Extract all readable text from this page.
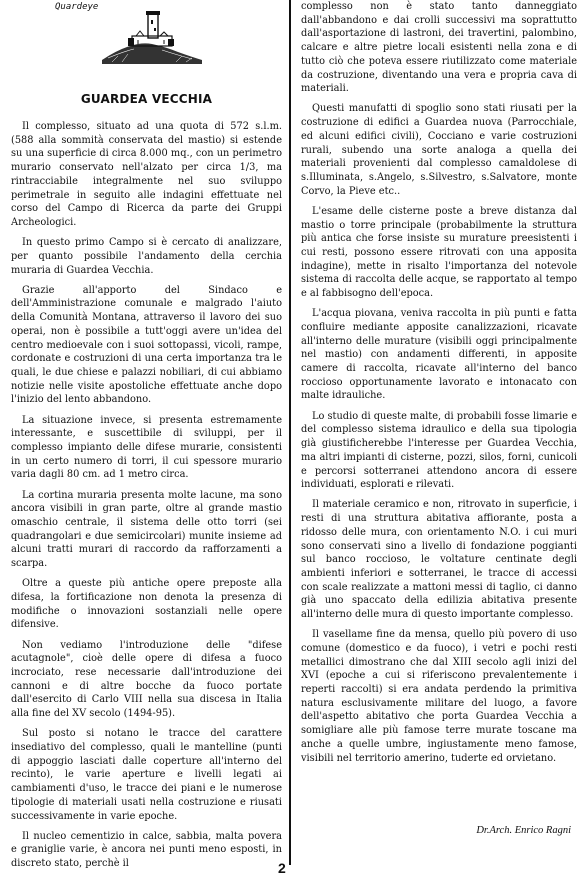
Quardeye
GUARDEA VECCHIA

Il complesso, situato ad una quota di 572 s.l.m. (588 alla sommità conservata del mastio) si estende su una superficie di circa 8.000 mq., con un perimetro murario conservato nell'alzato per circa 1/3, ma rintracciabile integralmente nel suo sviluppo perimetrale in seguito alle indagini effettuate nel corso del Campo di Ricerca da parte dei Gruppi Archeologici.

In questo primo Campo si è cercato di analizzare, per quanto possibile l'andamento della cerchia muraria di Guardea Vecchia.

Grazie all'apporto del Sindaco e dell'Amministrazione comunale e malgrado l'aiuto della Comunità Montana, attraverso il lavoro dei suo operai, non è possibile a tutt'oggi avere un'idea del centro medioevale con i suoi sottopassi, vicoli, rampe, cordonate e costruzioni di una certa importanza tra le quali, le due chiese e palazzi nobiliari, di cui abbiamo notizie nelle visite apostoliche effettuate anche dopo l'inizio del lento abbandono.

La situazione invece, si presenta estremamente interessante, e suscettibile di sviluppi, per il complesso impianto delle difese murarie, consistenti in un certo numero di torri, il cui spessore murario varia dagli 80 cm. ad 1 metro circa.

La cortina muraria presenta molte lacune, ma sono ancora visibili in gran parte, oltre al grande mastio omaschio centrale, il sistema delle otto torri (sei quadrangolari e due semicircolari) munite insieme ad alcuni tratti murari di raccordo da rafforzamenti a scarpa.

Oltre a queste più antiche opere preposte alla difesa, la fortificazione non denota la presenza di modifiche o innovazioni sostanziali nelle opere difensive.

Non vediamo l'introduzione delle "difese acutagnole", cioè delle opere di difesa a fuoco incrociato, rese necessarie dall'introduzione dei cannoni e di altre bocche da fuoco portate dall'esercito di Carlo VIII nella sua discesa in Italia alla fine del XV secolo (1494-95).

Sul posto si notano le tracce del carattere insediativo del complesso, quali le mantelline (punti di appoggio lasciati dalle coperture all'interno del recinto), le varie aperture e livelli legati ai cambiamenti d'uso, le tracce dei piani e le numerose tipologie di materiali usati nella costruzione e riusati successivamente in varie epoche.

Il nucleo cementizio in calce, sabbia, malta povera e graniglie varie, è ancora nei punti meno esposti, in discreto stato, perchè il

complesso non è stato tanto danneggiato dall'abbandono e dai crolli successivi ma soprattutto dall'asportazione di lastroni, dei travertini, palombino, calcare e altre pietre locali esistenti nella zona e di tutto ciò che poteva essere riutilizzato come materiale da costruzione, diventando una vera e propria cava di materiali.

Questi manufatti di spoglio sono stati riusati per la costruzione di edifici a Guardea nuova (Parrocchiale, ed alcuni edifici civili), Cocciano e varie costruzioni rurali, subendo una sorte analoga a quella dei materiali provenienti dal complesso camaldolese di s.Illuminata, s.Angelo, s.Silvestro, s.Salvatore, monte Corvo, la Pieve etc..

L'esame delle cisterne poste a breve distanza dal mastio o torre principale (probabilmente la struttura più antica che forse insiste su murature preesistenti i cui resti, possono essere ritrovati con una apposita indagine), mette in risalto l'importanza del notevole sistema di raccolta delle acque, se rapportato al tempo e al fabbisogno dell'epoca.

L'acqua piovana, veniva raccolta in più punti e fatta confluire mediante apposite canalizzazioni, ricavate all'interno delle murature (visibili oggi principalmente nel mastio) con andamenti differenti, in apposite camere di raccolta, ricavate all'interno del banco roccioso opportunamente lavorato e intonacato con malte idrauliche.

Lo studio di queste malte, di probabili fosse limarie e del complesso sistema idraulico e della sua tipologia già giustificherebbe l'interesse per Guardea Vecchia, ma altri impianti di cisterne, pozzi, silos, forni, cunicoli e percorsi sotterranei attendono ancora di essere individuati, esplorati e rilevati.

Il materiale ceramico e non, ritrovato in superficie, i resti di una struttura abitativa affiorante, posta a ridosso delle mura, con orientamento N.O. i cui muri sono conservati sino a livello di fondazione poggianti sul banco roccioso, le voltature centinate degli ambienti inferiori e sotterranei, le tracce di accessi con scale realizzate a mattoni messi di taglio, ci danno già uno spaccato della edilizia abitativa presente all'interno delle mura di questo importante complesso.

Il vasellame fine da mensa, quello più povero di uso comune (domestico e da fuoco), i vetri e pochi resti metallici dimostrano che dal XIII secolo agli inizi del XVI (epoche a cui si riferiscono prevalentemente i reperti raccolti) si era andata perdendo la primitiva natura esclusivamente militare del luogo, a favore dell'aspetto abitativo che porta Guardea Vecchia a somigliare alle più famose terre murate toscane ma anche a quelle umbre, ingiustamente meno famose, visibili nel territorio amerino, tuderte ed orvietano.

Dr.Arch. Enrico Ragni
2
